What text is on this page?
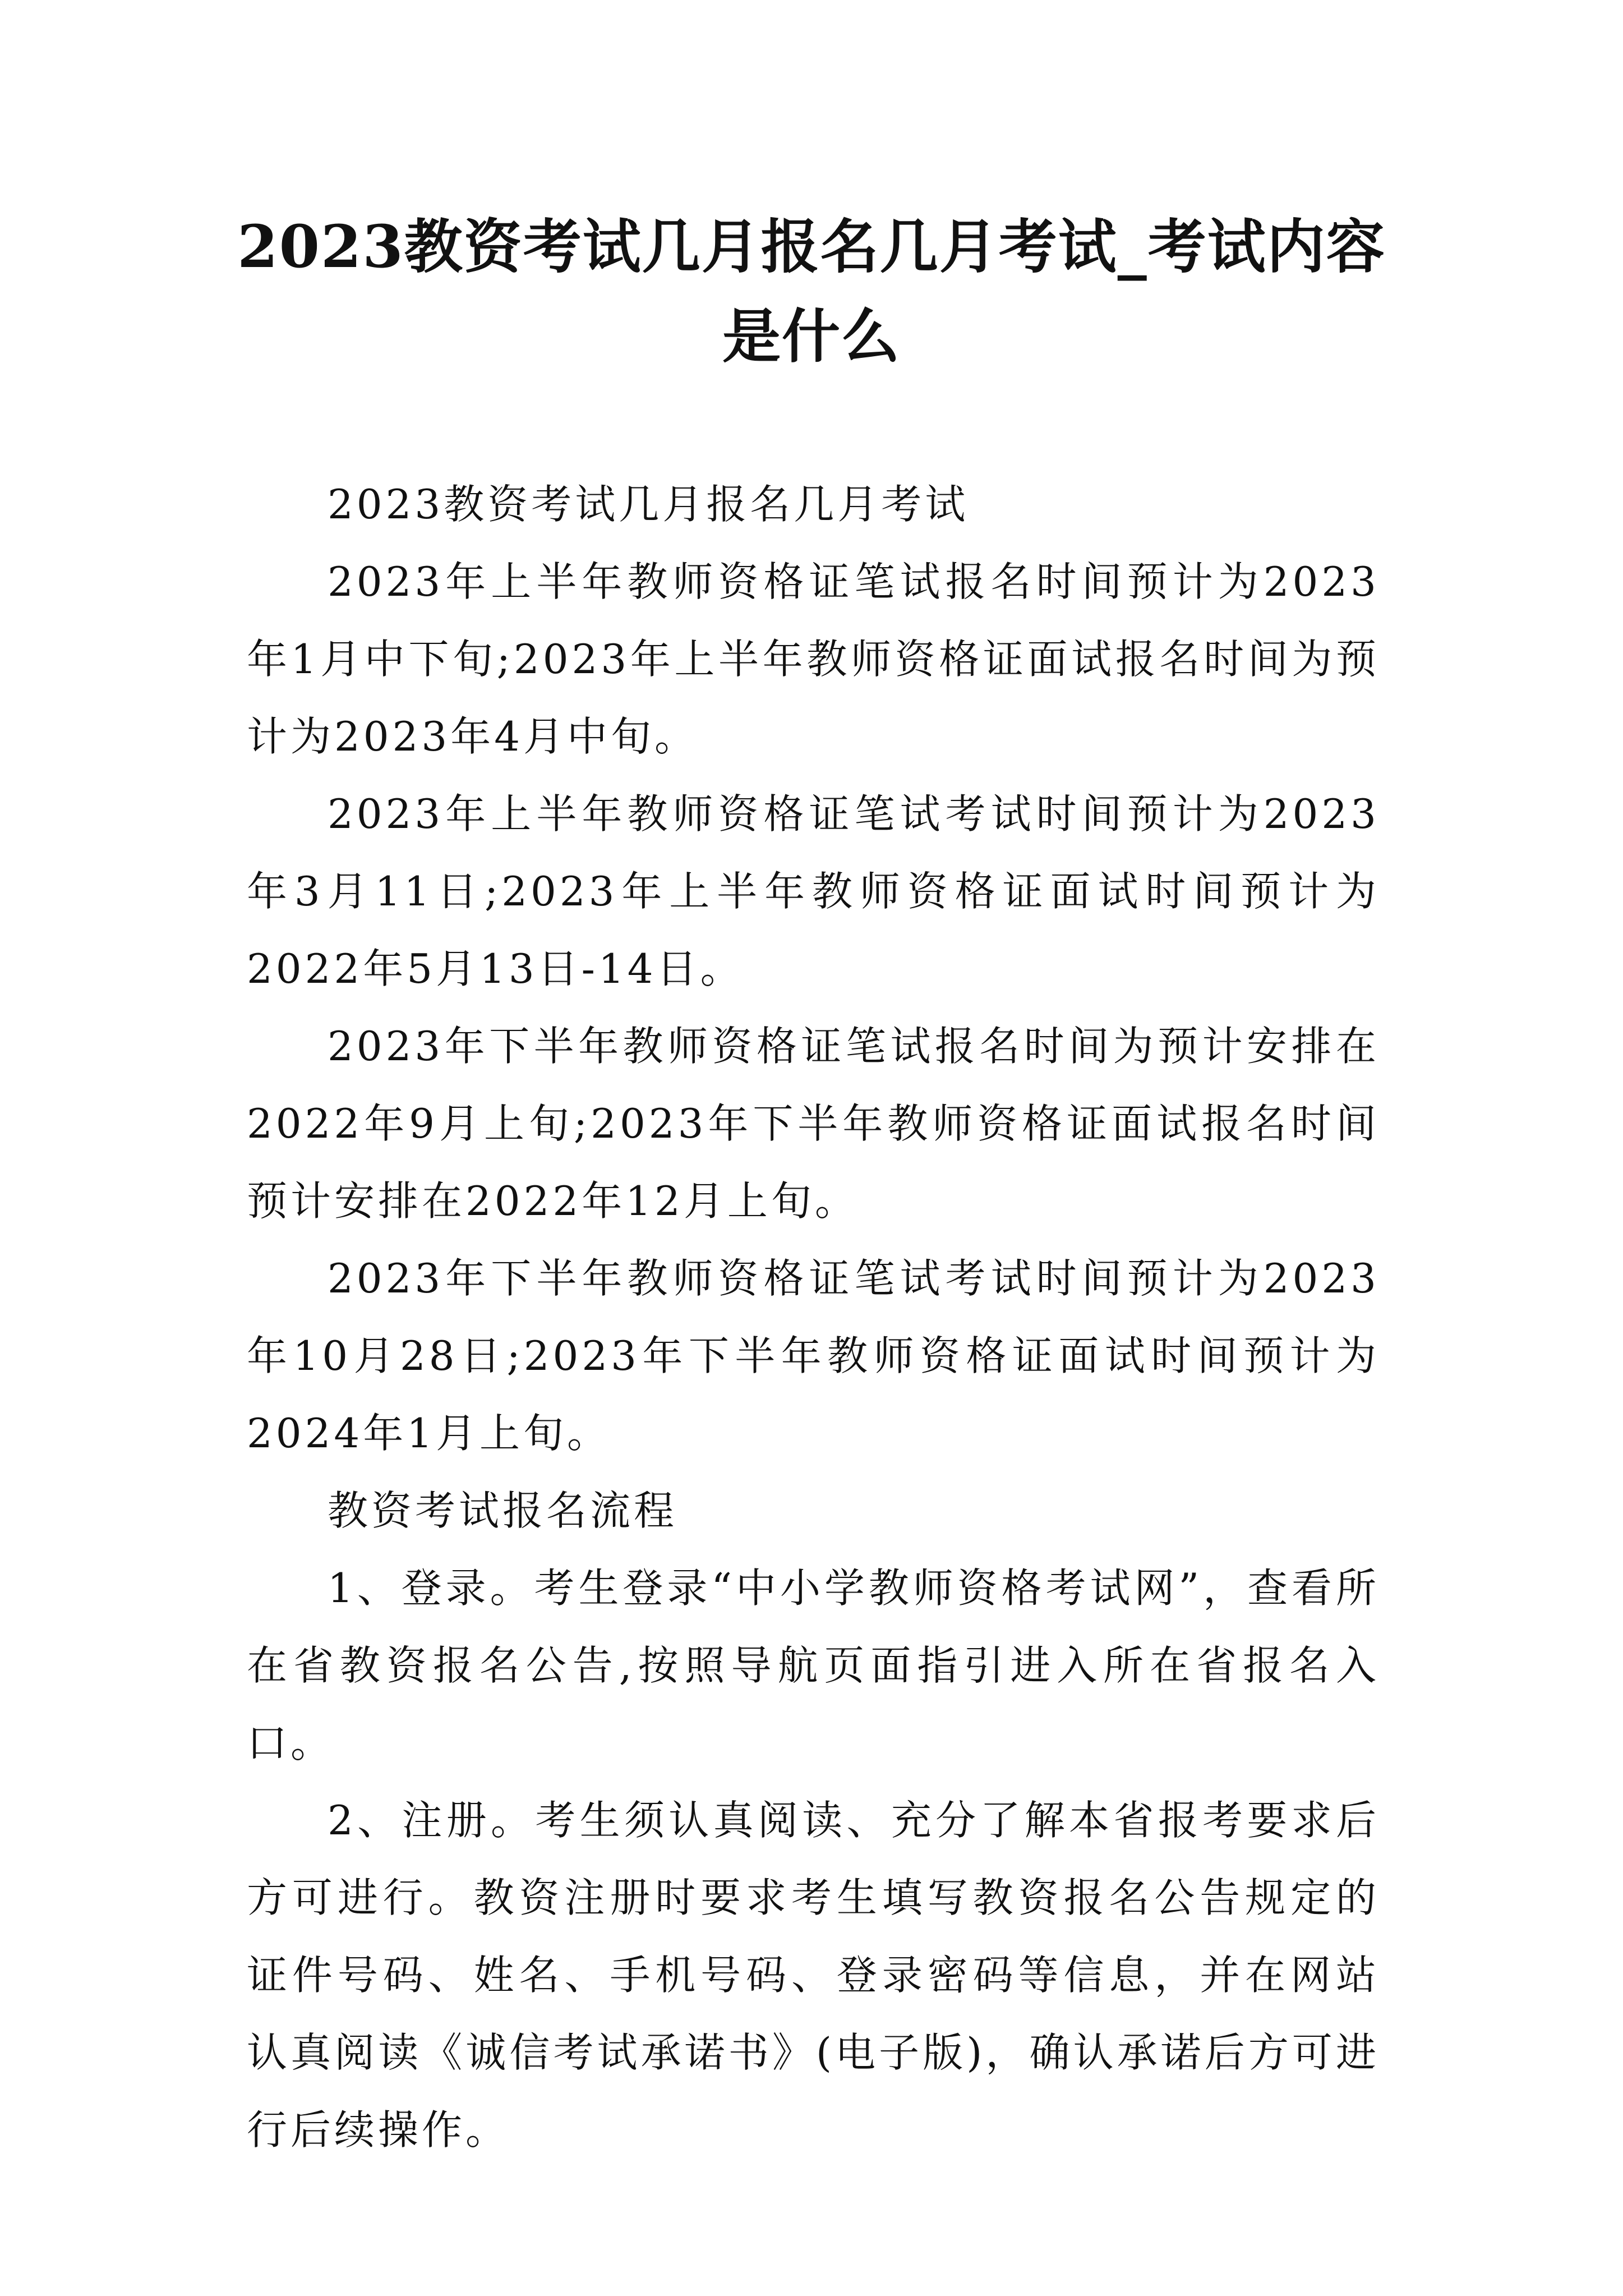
2023教资考试几月报名几月考试_考试内容是什么

2023教资考试几月报名几月考试

2023年上半年教师资格证笔试报名时间预计为2023年1月中下旬;2023年上半年教师资格证面试报名时间为预计为2023年4月中旬。

2023年上半年教师资格证笔试考试时间预计为2023年3月11日;2023年上半年教师资格证面试时间预计为2022年5月13日-14日。

2023年下半年教师资格证笔试报名时间为预计安排在2022年9月上旬;2023年下半年教师资格证面试报名时间预计安排在2022年12月上旬。

2023年下半年教师资格证笔试考试时间预计为2023年10月28日;2023年下半年教师资格证面试时间预计为2024年1月上旬。

教资考试报名流程

1、登录。考生登录“中小学教师资格考试网”，查看所在省教资报名公告,按照导航页面指引进入所在省报名入口。

2、注册。考生须认真阅读、充分了解本省报考要求后方可进行。教资注册时要求考生填写教资报名公告规定的证件号码、姓名、手机号码、登录密码等信息，并在网站认真阅读《诚信考试承诺书》(电子版)，确认承诺后方可进行后续操作。
